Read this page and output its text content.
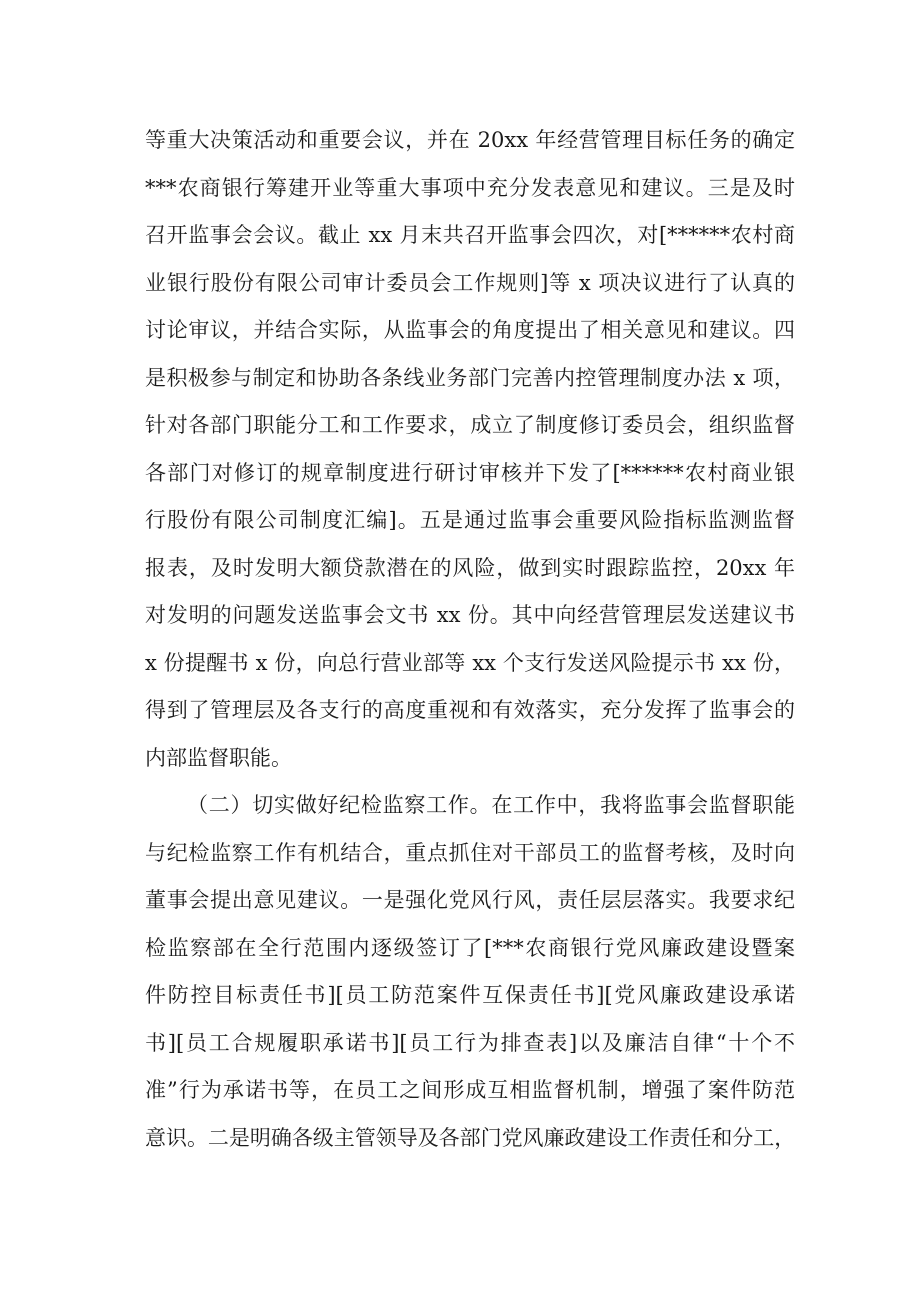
等重大决策活动和重要会议，并在 20xx 年经营管理目标任务的确定
***农商银行筹建开业等重大事项中充分发表意见和建议。三是及时
召开监事会会议。截止 xx 月末共召开监事会四次，对[******农村商
业银行股份有限公司审计委员会工作规则]等 x 项决议进行了认真的
讨论审议，并结合实际，从监事会的角度提出了相关意见和建议。四
是积极参与制定和协助各条线业务部门完善内控管理制度办法 x 项，
针对各部门职能分工和工作要求，成立了制度修订委员会，组织监督
各部门对修订的规章制度进行研讨审核并下发了[******农村商业银
行股份有限公司制度汇编]。五是通过监事会重要风险指标监测监督
报表，及时发明大额贷款潜在的风险，做到实时跟踪监控，20xx 年
对发明的问题发送监事会文书 xx 份。其中向经营管理层发送建议书
x 份提醒书 x 份，向总行营业部等 xx 个支行发送风险提示书 xx 份，
得到了管理层及各支行的高度重视和有效落实，充分发挥了监事会的
内部监督职能。
（二）切实做好纪检监察工作。在工作中，我将监事会监督职能
与纪检监察工作有机结合，重点抓住对干部员工的监督考核，及时向
董事会提出意见建议。一是强化党风行风，责任层层落实。我要求纪
检监察部在全行范围内逐级签订了[***农商银行党风廉政建设暨案
件防控目标责任书][员工防范案件互保责任书][党风廉政建设承诺
书][员工合规履职承诺书][员工行为排查表]以及廉洁自律“十个不
准”行为承诺书等，在员工之间形成互相监督机制，增强了案件防范
意识。二是明确各级主管领导及各部门党风廉政建设工作责任和分工，
